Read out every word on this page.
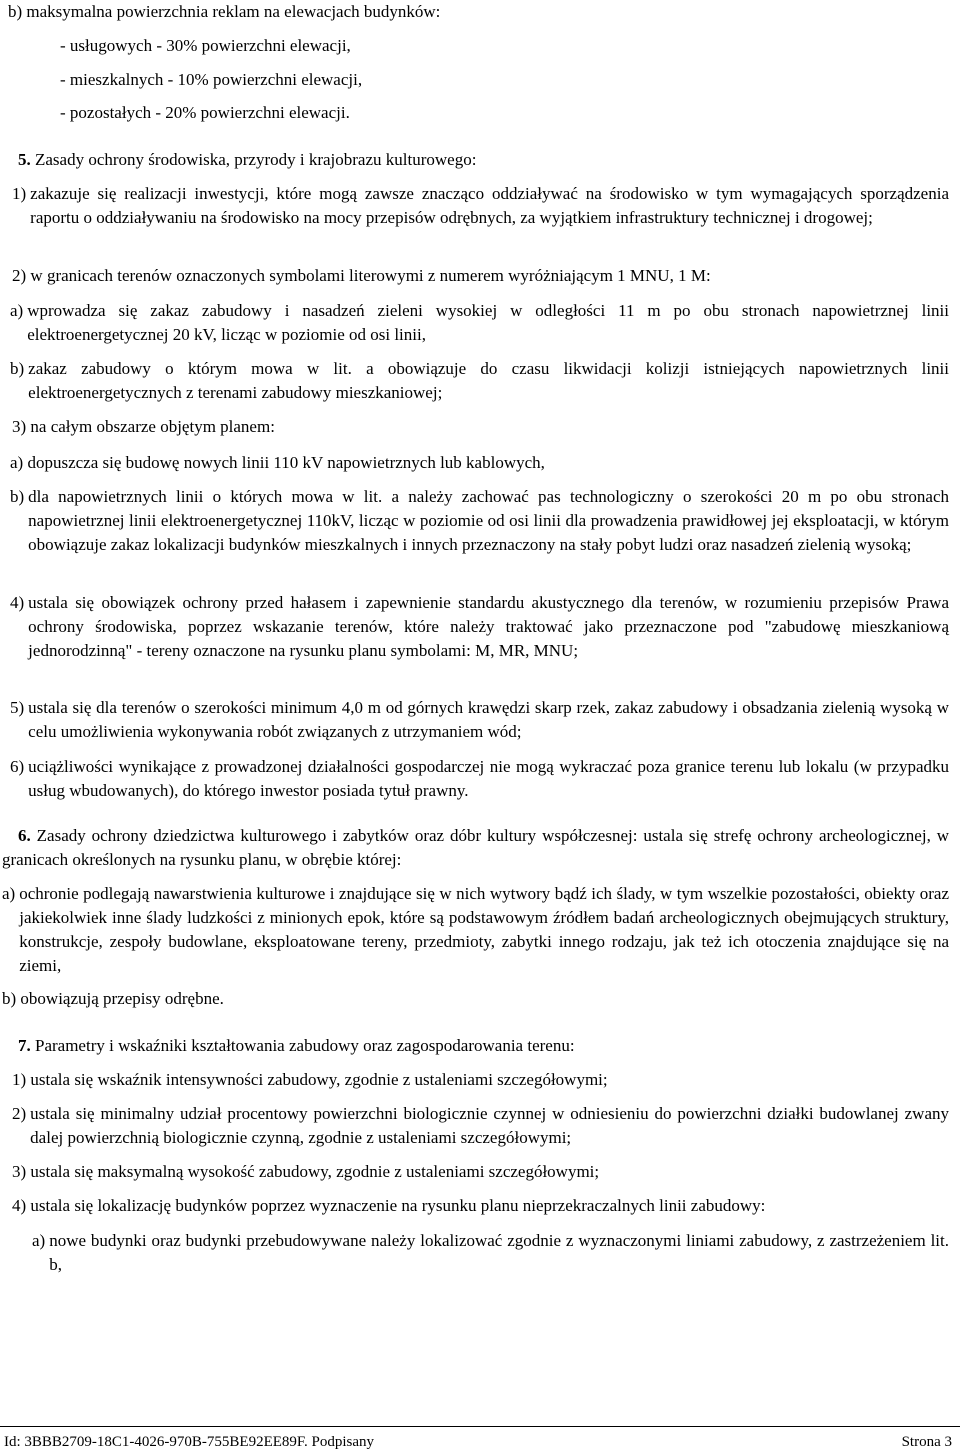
b) maksymalna powierzchnia reklam na elewacjach budynków:
- usługowych - 30% powierzchni elewacji,
- mieszkalnych - 10% powierzchni elewacji,
- pozostałych - 20% powierzchni elewacji.
5. Zasady ochrony środowiska, przyrody i krajobrazu kulturowego:
1) zakazuje się realizacji inwestycji, które mogą zawsze znacząco oddziaływać na środowisko w tym wymagających sporządzenia raportu o oddziaływaniu na środowisko na mocy przepisów odrębnych, za wyjątkiem infrastruktury technicznej i drogowej;
2) w granicach terenów oznaczonych symbolami literowymi z numerem wyróżniającym 1 MNU, 1 M:
a) wprowadza się zakaz zabudowy i nasadzeń zieleni wysokiej w odległości 11 m po obu stronach napowietrznej linii elektroenergetycznej 20 kV, licząc w poziomie od osi linii,
b) zakaz zabudowy o którym mowa w lit. a obowiązuje do czasu likwidacji kolizji istniejących napowietrznych linii elektroenergetycznych z terenami zabudowy mieszkaniowej;
3) na całym obszarze objętym planem:
a) dopuszcza się budowę nowych linii 110 kV napowietrznych lub kablowych,
b) dla napowietrznych linii o których mowa w lit. a należy zachować pas technologiczny o szerokości 20 m po obu stronach napowietrznej linii elektroenergetycznej 110kV, licząc w poziomie od osi linii dla prowadzenia prawidłowej jej eksploatacji, w którym obowiązuje zakaz lokalizacji budynków mieszkalnych i innych przeznaczony na stały pobyt ludzi oraz nasadzeń zielenią wysoką;
4) ustala się obowiązek ochrony przed hałasem i zapewnienie standardu akustycznego dla terenów, w rozumieniu przepisów Prawa ochrony środowiska, poprzez wskazanie terenów, które należy traktować jako przeznaczone pod "zabudowę mieszkaniową jednorodzinną" - tereny oznaczone na rysunku planu symbolami: M, MR, MNU;
5) ustala się dla terenów o szerokości minimum 4,0 m od górnych krawędzi skarp rzek, zakaz zabudowy i obsadzania zielenią wysoką w celu umożliwienia wykonywania robót związanych z utrzymaniem wód;
6) uciążliwości wynikające z prowadzonej działalności gospodarczej nie mogą wykraczać poza granice terenu lub lokalu (w przypadku usług wbudowanych), do którego inwestor posiada tytuł prawny.
6. Zasady ochrony dziedzictwa kulturowego i zabytków oraz dóbr kultury współczesnej: ustala się strefę ochrony archeologicznej, w granicach określonych na rysunku planu, w obrębie której:
a) ochronie podlegają nawarstwienia kulturowe i znajdujące się w nich wytwory bądź ich ślady, w tym wszelkie pozostałości, obiekty oraz jakiekolwiek inne ślady ludzkości z minionych epok, które są podstawowym źródłem badań archeologicznych obejmujących struktury, konstrukcje, zespoły budowlane, eksploatowane tereny, przedmioty, zabytki innego rodzaju, jak też ich otoczenia znajdujące się na ziemi,
b) obowiązują przepisy odrębne.
7. Parametry i wskaźniki kształtowania zabudowy oraz zagospodarowania terenu:
1) ustala się wskaźnik intensywności zabudowy, zgodnie z ustaleniami szczegółowymi;
2) ustala się minimalny udział procentowy powierzchni biologicznie czynnej w odniesieniu do powierzchni działki budowlanej zwany dalej powierzchnią biologicznie czynną, zgodnie z ustaleniami szczegółowymi;
3) ustala się maksymalną wysokość zabudowy, zgodnie z ustaleniami szczegółowymi;
4) ustala się lokalizację budynków poprzez wyznaczenie na rysunku planu nieprzekraczalnych linii zabudowy:
a) nowe budynki oraz budynki przebudowywane należy lokalizować zgodnie z wyznaczonymi liniami zabudowy, z zastrzeżeniem lit. b,
Id: 3BBB2709-18C1-4026-970B-755BE92EE89F. Podpisany	Strona 3
